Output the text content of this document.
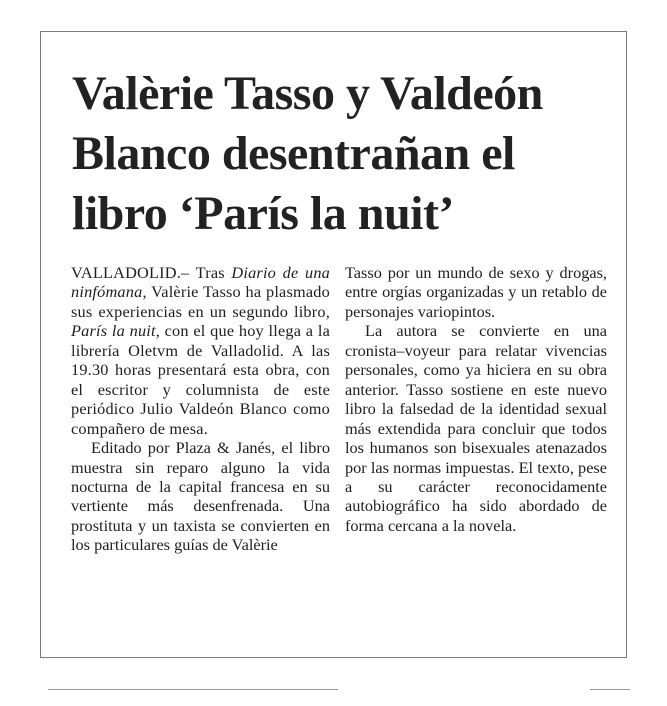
Valèrie Tasso y Valdeón Blanco desentrañan el libro ‘París la nuit’

VALLADOLID.– Tras Diario de una ninfómana, Valèrie Tasso ha plasmado sus experiencias en un segundo libro, París la nuit, con el que hoy llega a la librería Oletvm de Valladolid. A las 19.30 horas presentará esta obra, con el escritor y columnista de este periódico Julio Valdeón Blanco como compañero de mesa.

Editado por Plaza & Janés, el libro muestra sin reparo alguno la vida nocturna de la capital francesa en su vertiente más desenfrenada. Una prostituta y un taxista se convierten en los particulares guías de Valèrie

Tasso por un mundo de sexo y drogas, entre orgías organizadas y un retablo de personajes variopintos.

La autora se convierte en una cronista–voyeur para relatar vivencias personales, como ya hiciera en su obra anterior. Tasso sostiene en este nuevo libro la falsedad de la identidad sexual más extendida para concluir que todos los humanos son bisexuales atenazados por las normas impuestas. El texto, pese a su carácter reconocidamente autobiográfico ha sido abordado de forma cercana a la novela.
